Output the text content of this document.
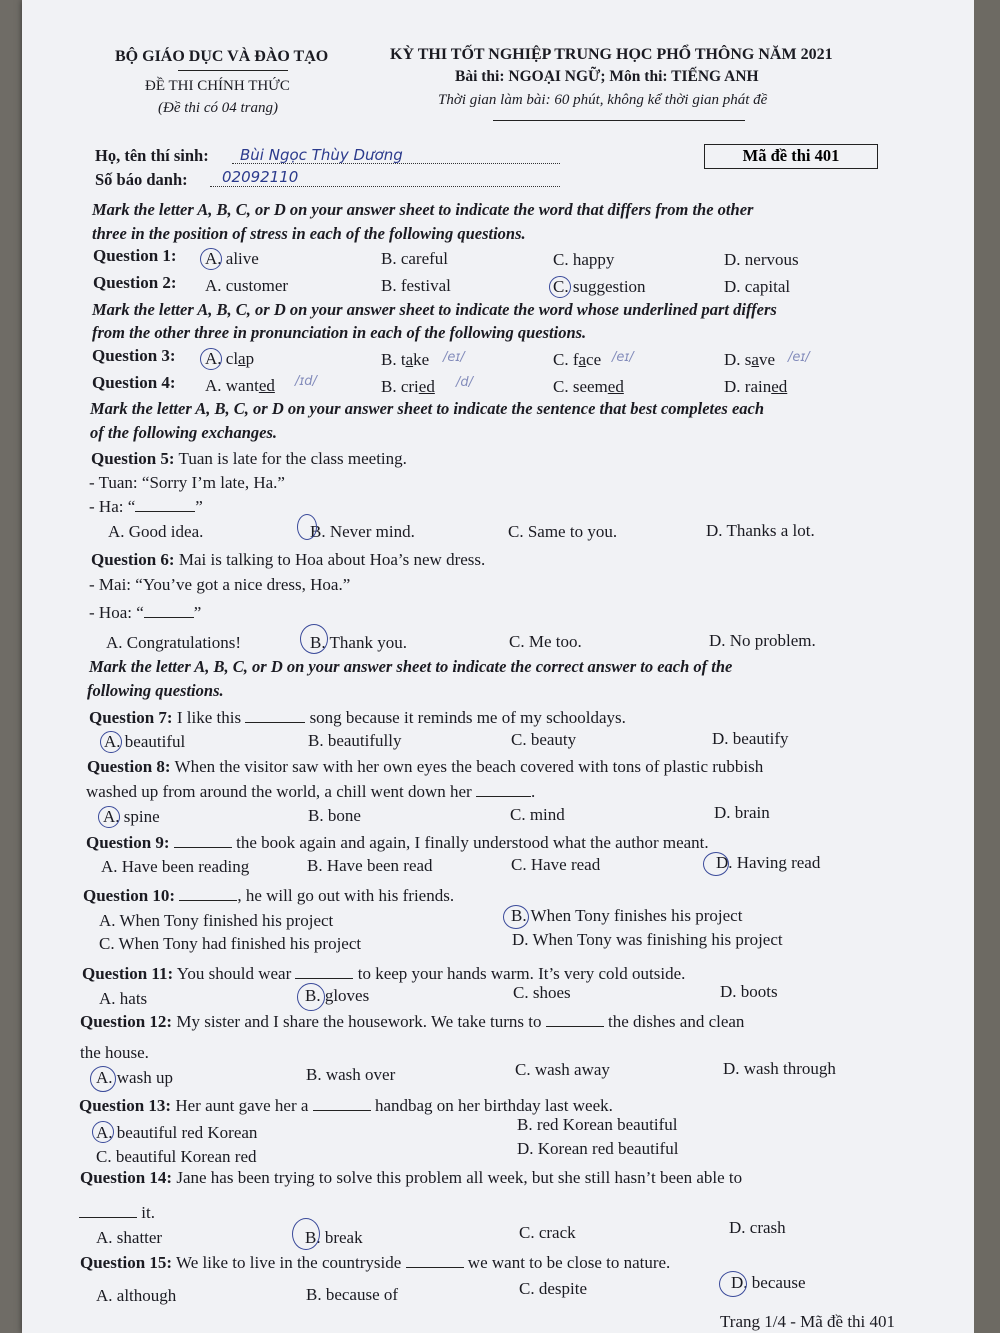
BỘ GIÁO DỤC VÀ ĐÀO TẠO
ĐỀ THI CHÍNH THỨC
(Đề thi có 04 trang)
KỲ THI TỐT NGHIỆP TRUNG HỌC PHỔ THÔNG NĂM 2021
Bài thi: NGOẠI NGỮ; Môn thi: TIẾNG ANH
Thời gian làm bài: 60 phút, không kể thời gian phát đề
Họ, tên thí sinh: Bùi Ngọc Thùy Dương
Số báo danh: 02092110
Mã đề thi 401
Mark the letter A, B, C, or D on your answer sheet to indicate the word that differs from the other
three in the position of stress in each of the following questions.
Question 1: A. alive	B. careful	C. happy	D. nervous
Question 2: A. customer	B. festival	C. suggestion	D. capital
Mark the letter A, B, C, or D on your answer sheet to indicate the word whose underlined part differs
from the other three in pronunciation in each of the following questions.
Question 3: A. clap	B. take /eɪ/	C. face /eɪ/	D. save /eɪ/
Question 4: A. wanted /ɪd/	B. cried /d/	C. seemed	D. rained
Mark the letter A, B, C, or D on your answer sheet to indicate the sentence that best completes each
of the following exchanges.
Question 5: Tuan is late for the class meeting.
- Tuan: “Sorry I’m late, Ha.”
- Ha: “	”
A. Good idea.	B. Never mind.	C. Same to you.	D. Thanks a lot.
Question 6: Mai is talking to Hoa about Hoa’s new dress.
- Mai: “You’ve got a nice dress, Hoa.”
- Hoa: “	”
A. Congratulations!	B. Thank you.	C. Me too.	D. No problem.
Mark the letter A, B, C, or D on your answer sheet to indicate the correct answer to each of the
following questions.
Question 7: I like this	song because it reminds me of my schooldays.
A. beautiful	B. beautifully	C. beauty	D. beautify
Question 8: When the visitor saw with her own eyes the beach covered with tons of plastic rubbish
washed up from around the world, a chill went down her	.
A. spine	B. bone	C. mind	D. brain
Question 9:	the book again and again, I finally understood what the author meant.
A. Have been reading	B. Have been read	C. Have read	D. Having read
Question 10:	, he will go out with his friends.
A. When Tony finished his project	B. When Tony finishes his project
C. When Tony had finished his project	D. When Tony was finishing his project
Question 11: You should wear	to keep your hands warm. It’s very cold outside.
A. hats	B. gloves	C. shoes	D. boots
Question 12: My sister and I share the housework. We take turns to	the dishes and clean
the house.
A. wash up	B. wash over	C. wash away	D. wash through
Question 13: Her aunt gave her a	handbag on her birthday last week.
A. beautiful red Korean	B. red Korean beautiful
C. beautiful Korean red	D. Korean red beautiful
Question 14: Jane has been trying to solve this problem all week, but she still hasn’t been able to
it.
A. shatter	B. break	C. crack	D. crash
Question 15: We like to live in the countryside	we want to be close to nature.
A. although	B. because of	C. despite	D. because
Trang 1/4 - Mã đề thi 401
